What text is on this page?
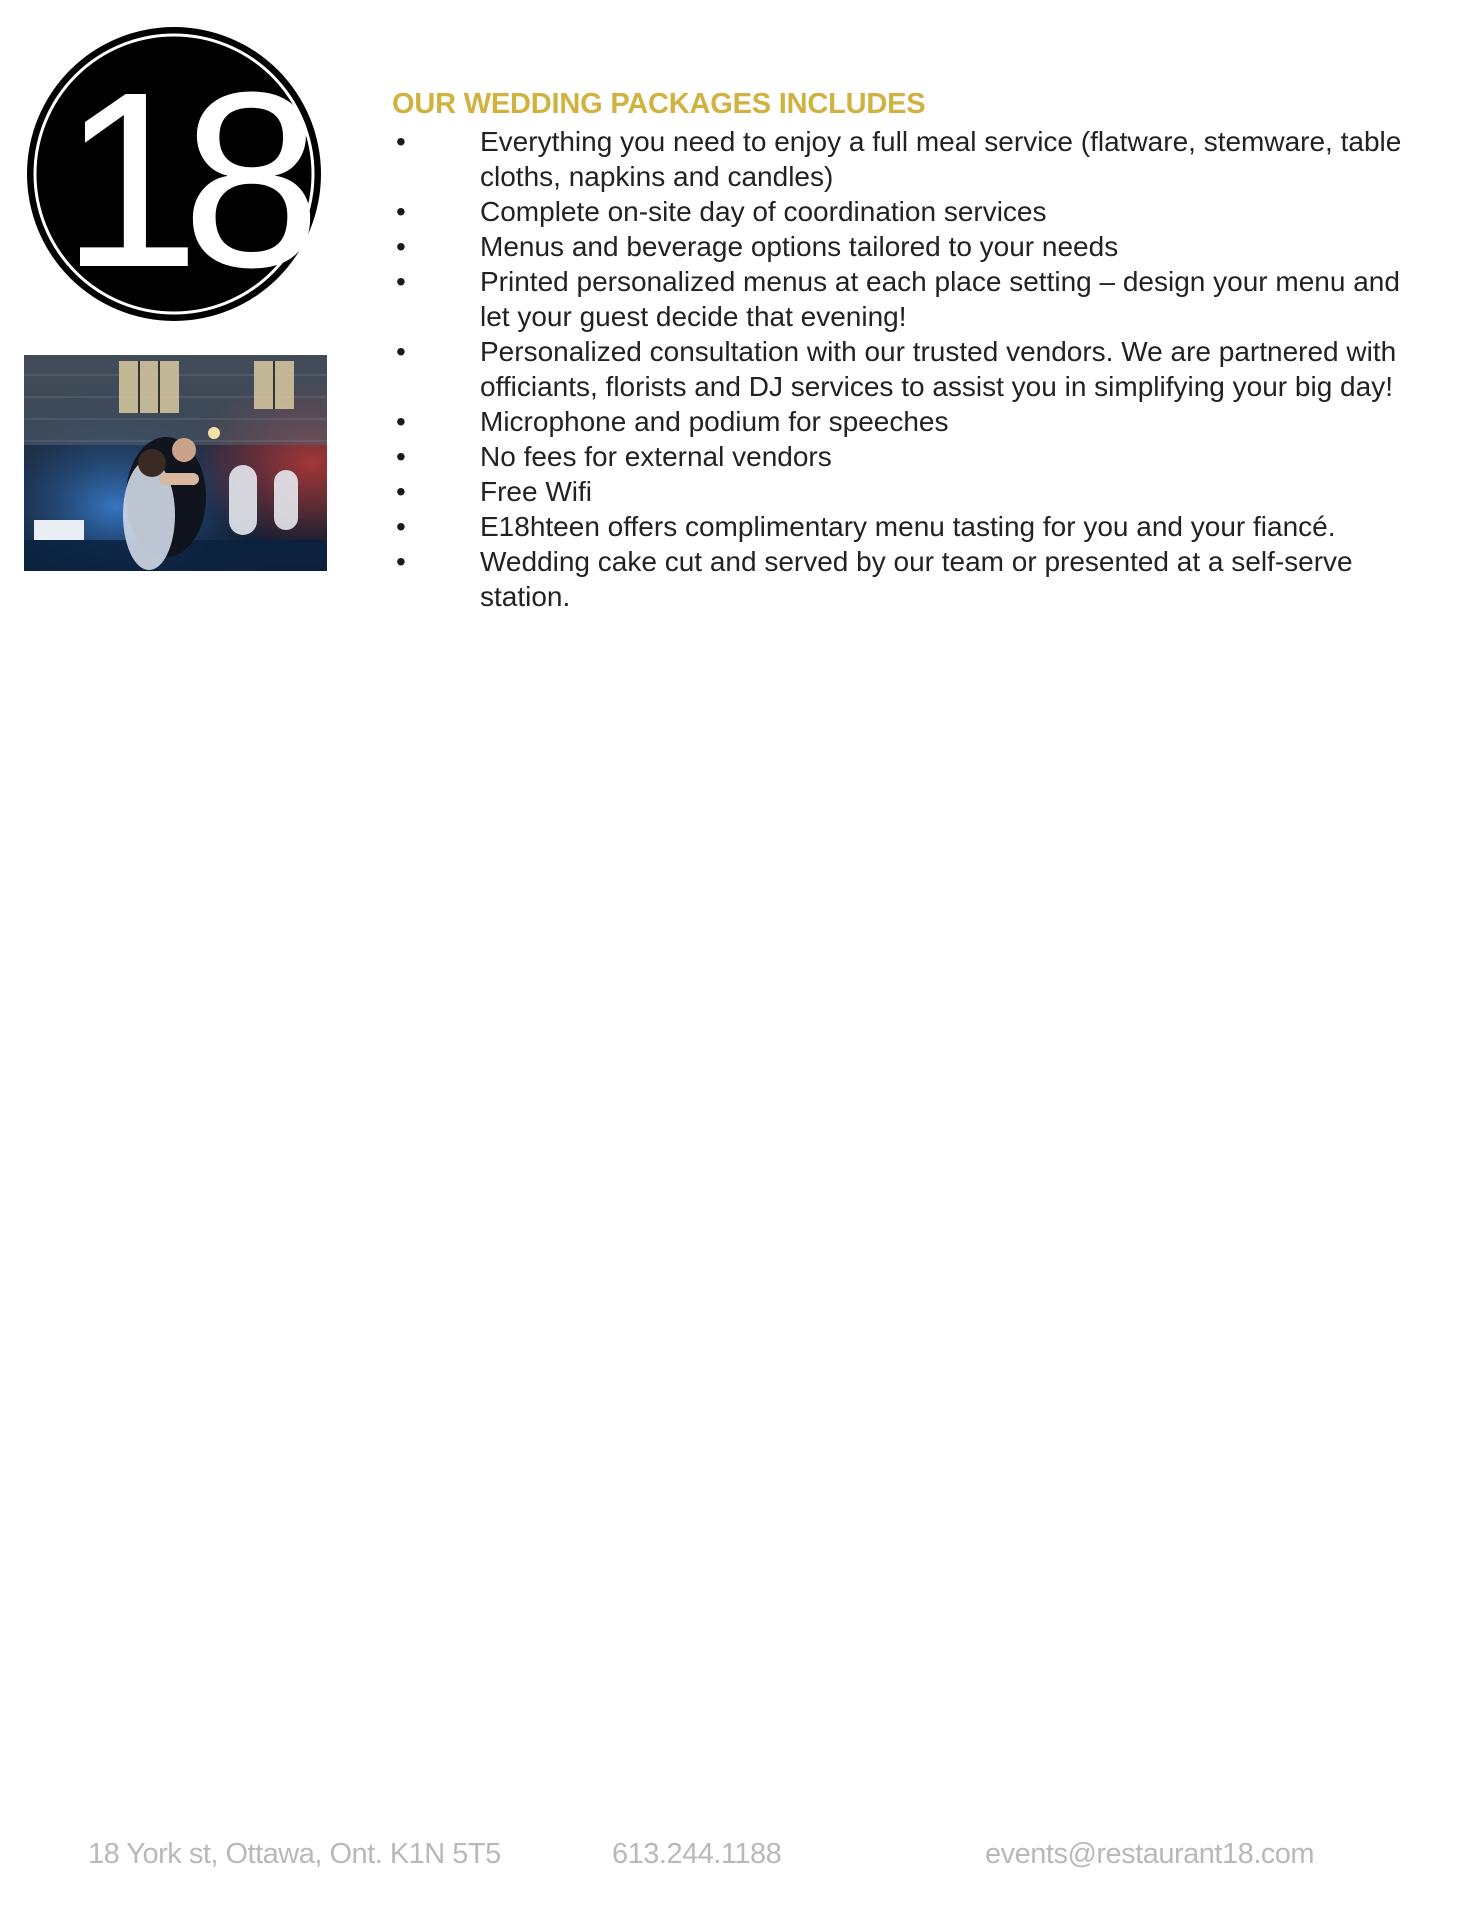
18	OUR WEDDING PACKAGES INCLUDES
•	Everything you need to enjoy a full meal service (flatware, stemware, table cloths, napkins and candles)
•	Complete on-site day of coordination services
•	Menus and beverage options tailored to your needs
•	Printed personalized menus at each place setting – design your menu and let your guest decide that evening!
•	Personalized consultation with our trusted vendors. We are partnered with officiants, florists and DJ services to assist you in simplifying your big day!
•	Microphone and podium for speeches
•	No fees for external vendors
•	Free Wifi
•	E18hteen offers complimentary menu tasting for you and your fiancé.
•	Wedding cake cut and served by our team or presented at a self-serve station.
18 York st, Ottawa, Ont. K1N 5T5	613.244.1188	events@restaurant18.com
